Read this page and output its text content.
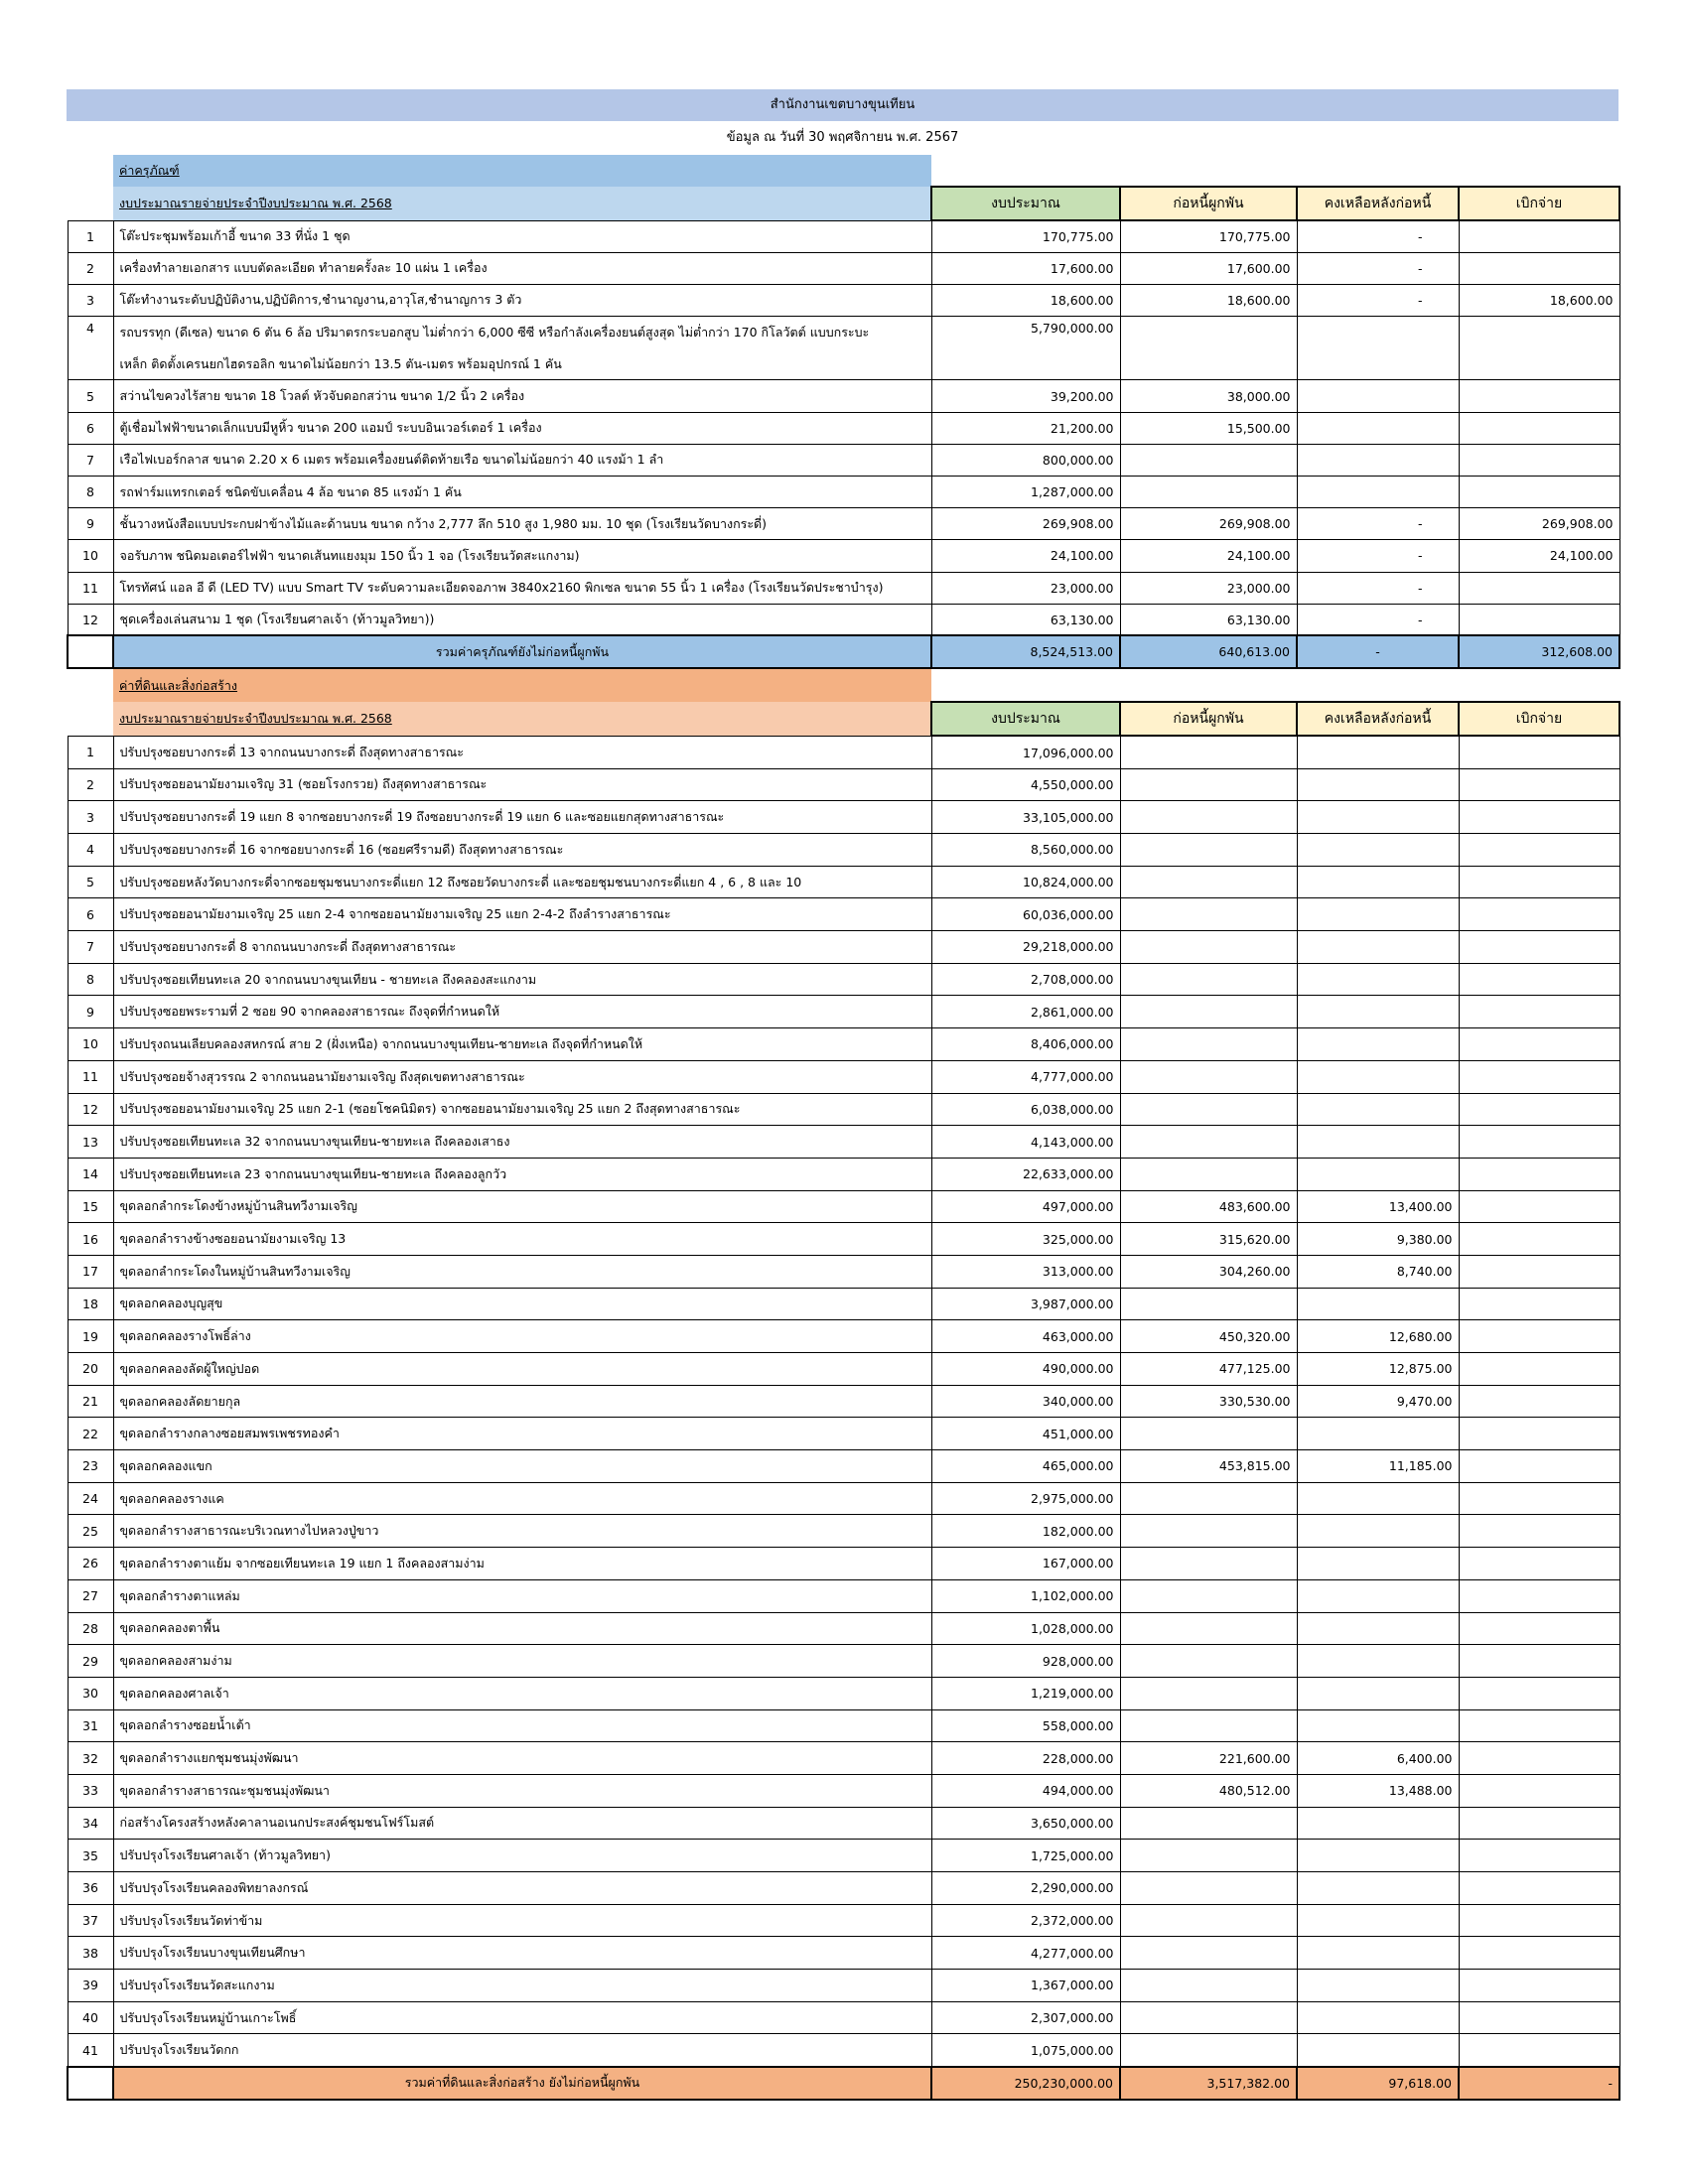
สำนักงานเขตบางขุนเทียน
ข้อมูล ณ วันที่ 30 พฤศจิกายน พ.ศ. 2567
	ค่าครุภัณฑ์				
	งบประมาณรายจ่ายประจำปีงบประมาณ พ.ศ. 2568	งบประมาณ	ก่อหนี้ผูกพัน	คงเหลือหลังก่อหนี้	เบิกจ่าย
1	โต๊ะประชุมพร้อมเก้าอี้ ขนาด 33 ที่นั่ง 1 ชุด	170,775.00	170,775.00	-	
2	เครื่องทำลายเอกสาร แบบตัดละเอียด ทำลายครั้งละ 10 แผ่น 1 เครื่อง	17,600.00	17,600.00	-	
3	โต๊ะทำงานระดับปฏิบัติงาน,ปฏิบัติการ,ชำนาญงาน,อาวุโส,ชำนาญการ 3 ตัว	18,600.00	18,600.00	-	18,600.00
4	รถบรรทุก (ดีเซล) ขนาด 6 ตัน 6 ล้อ ปริมาตรกระบอกสูบ ไม่ต่ำกว่า 6,000 ซีซี หรือกำลังเครื่องยนต์สูงสุด ไม่ต่ำกว่า 170 กิโลวัตต์ แบบกระบะ
เหล็ก ติดตั้งเครนยกไฮดรอลิก ขนาดไม่น้อยกว่า 13.5 ตัน-เมตร พร้อมอุปกรณ์ 1 คัน	5,790,000.00			
5	สว่านไขควงไร้สาย ขนาด 18 โวลต์ หัวจับดอกสว่าน ขนาด 1/2 นิ้ว 2 เครื่อง	39,200.00	38,000.00		
6	ตู้เชื่อมไฟฟ้าขนาดเล็กแบบมีหูหิ้ว ขนาด 200 แอมป์ ระบบอินเวอร์เตอร์ 1 เครื่อง	21,200.00	15,500.00		
7	เรือไฟเบอร์กลาส ขนาด 2.20 x 6 เมตร พร้อมเครื่องยนต์ติดท้ายเรือ ขนาดไม่น้อยกว่า 40 แรงม้า 1 ลำ	800,000.00			
8	รถฟาร์มแทรกเตอร์ ชนิดขับเคลื่อน 4 ล้อ ขนาด 85 แรงม้า 1 คัน	1,287,000.00			
9	ชั้นวางหนังสือแบบประกบฝาข้างไม้และด้านบน ขนาด กว้าง 2,777 ลึก 510 สูง 1,980 มม. 10 ชุด (โรงเรียนวัดบางกระดี่)	269,908.00	269,908.00	-	269,908.00
10	จอรับภาพ ชนิดมอเตอร์ไฟฟ้า ขนาดเส้นทแยงมุม 150 นิ้ว 1 จอ (โรงเรียนวัดสะแกงาม)	24,100.00	24,100.00	-	24,100.00
11	โทรทัศน์ แอล อี ดี (LED TV) แบบ Smart TV ระดับความละเอียดจอภาพ 3840x2160 พิกเซล ขนาด 55 นิ้ว 1 เครื่อง (โรงเรียนวัดประชาบำรุง)	23,000.00	23,000.00	-	
12	ชุดเครื่องเล่นสนาม 1 ชุด (โรงเรียนศาลเจ้า (ท้าวมูลวิทยา))	63,130.00	63,130.00	-	
	รวมค่าครุภัณฑ์ยังไม่ก่อหนี้ผูกพัน	8,524,513.00	640,613.00	-	312,608.00
	ค่าที่ดินและสิ่งก่อสร้าง				
	งบประมาณรายจ่ายประจำปีงบประมาณ พ.ศ. 2568	งบประมาณ	ก่อหนี้ผูกพัน	คงเหลือหลังก่อหนี้	เบิกจ่าย
1	ปรับปรุงซอยบางกระดี่ 13 จากถนนบางกระดี่ ถึงสุดทางสาธารณะ	17,096,000.00			
2	ปรับปรุงซอยอนามัยงามเจริญ 31 (ซอยโรงกรวย) ถึงสุดทางสาธารณะ	4,550,000.00			
3	ปรับปรุงซอยบางกระดี่ 19 แยก 8 จากซอยบางกระดี่ 19 ถึงซอยบางกระดี่ 19 แยก 6 และซอยแยกสุดทางสาธารณะ	33,105,000.00			
4	ปรับปรุงซอยบางกระดี่ 16 จากซอยบางกระดี่ 16 (ซอยศรีรามดี) ถึงสุดทางสาธารณะ	8,560,000.00			
5	ปรับปรุงซอยหลังวัดบางกระดี่จากซอยชุมชนบางกระดี่แยก 12 ถึงซอยวัดบางกระดี่ และซอยชุมชนบางกระดี่แยก 4 , 6 , 8 และ 10	10,824,000.00			
6	ปรับปรุงซอยอนามัยงามเจริญ 25 แยก 2-4 จากซอยอนามัยงามเจริญ 25 แยก 2-4-2 ถึงลำรางสาธารณะ	60,036,000.00			
7	ปรับปรุงซอยบางกระดี่ 8 จากถนนบางกระดี่ ถึงสุดทางสาธารณะ	29,218,000.00			
8	ปรับปรุงซอยเทียนทะเล 20 จากถนนบางขุนเทียน - ชายทะเล ถึงคลองสะแกงาม	2,708,000.00			
9	ปรับปรุงซอยพระรามที่ 2 ซอย 90 จากคลองสาธารณะ ถึงจุดที่กำหนดให้	2,861,000.00			
10	ปรับปรุงถนนเลียบคลองสหกรณ์ สาย 2 (ฝั่งเหนือ) จากถนนบางขุนเทียน-ชายทะเล ถึงจุดที่กำหนดให้	8,406,000.00			
11	ปรับปรุงซอยจ้างสุวรรณ 2 จากถนนอนามัยงามเจริญ ถึงสุดเขตทางสาธารณะ	4,777,000.00			
12	ปรับปรุงซอยอนามัยงามเจริญ 25 แยก 2-1 (ซอยโชคนิมิตร) จากซอยอนามัยงามเจริญ 25 แยก 2 ถึงสุดทางสาธารณะ	6,038,000.00			
13	ปรับปรุงซอยเทียนทะเล 32 จากถนนบางขุนเทียน-ชายทะเล ถึงคลองเสาธง	4,143,000.00			
14	ปรับปรุงซอยเทียนทะเล 23 จากถนนบางขุนเทียน-ชายทะเล ถึงคลองลูกวัว	22,633,000.00			
15	ขุดลอกลำกระโดงข้างหมู่บ้านสินทวีงามเจริญ	497,000.00	483,600.00	13,400.00	
16	ขุดลอกลำรางข้างซอยอนามัยงามเจริญ 13	325,000.00	315,620.00	9,380.00	
17	ขุดลอกลำกระโดงในหมู่บ้านสินทวีงามเจริญ	313,000.00	304,260.00	8,740.00	
18	ขุดลอกคลองบุญสุข	3,987,000.00			
19	ขุดลอกคลองรางโพธิ์ล่าง	463,000.00	450,320.00	12,680.00	
20	ขุดลอกคลองลัดผู้ใหญ่ปอด	490,000.00	477,125.00	12,875.00	
21	ขุดลอกคลองลัดยายกุล	340,000.00	330,530.00	9,470.00	
22	ขุดลอกลำรางกลางซอยสมพรเพชรทองคำ	451,000.00			
23	ขุดลอกคลองแขก	465,000.00	453,815.00	11,185.00	
24	ขุดลอกคลองรางแค	2,975,000.00			
25	ขุดลอกลำรางสาธารณะบริเวณทางไปหลวงปู่ขาว	182,000.00			
26	ขุดลอกลำรางตาแย้ม จากซอยเทียนทะเล 19 แยก 1 ถึงคลองสามง่าม	167,000.00			
27	ขุดลอกลำรางตาแหล่ม	1,102,000.00			
28	ขุดลอกคลองตาพื้น	1,028,000.00			
29	ขุดลอกคลองสามง่าม	928,000.00			
30	ขุดลอกคลองศาลเจ้า	1,219,000.00			
31	ขุดลอกลำรางซอยน้ำเต้า	558,000.00			
32	ขุดลอกลำรางแยกชุมชนมุ่งพัฒนา	228,000.00	221,600.00	6,400.00	
33	ขุดลอกลำรางสาธารณะชุมชนมุ่งพัฒนา	494,000.00	480,512.00	13,488.00	
34	ก่อสร้างโครงสร้างหลังคาลานอเนกประสงค์ชุมชนโฟร์โมสต์	3,650,000.00			
35	ปรับปรุงโรงเรียนศาลเจ้า (ท้าวมูลวิทยา)	1,725,000.00			
36	ปรับปรุงโรงเรียนคลองพิทยาลงกรณ์	2,290,000.00			
37	ปรับปรุงโรงเรียนวัดท่าข้าม	2,372,000.00			
38	ปรับปรุงโรงเรียนบางขุนเทียนศึกษา	4,277,000.00			
39	ปรับปรุงโรงเรียนวัดสะแกงาม	1,367,000.00			
40	ปรับปรุงโรงเรียนหมู่บ้านเกาะโพธิ์	2,307,000.00			
41	ปรับปรุงโรงเรียนวัดกก	1,075,000.00			
	รวมค่าที่ดินและสิ่งก่อสร้าง ยังไม่ก่อหนี้ผูกพัน	250,230,000.00	3,517,382.00	97,618.00	-
